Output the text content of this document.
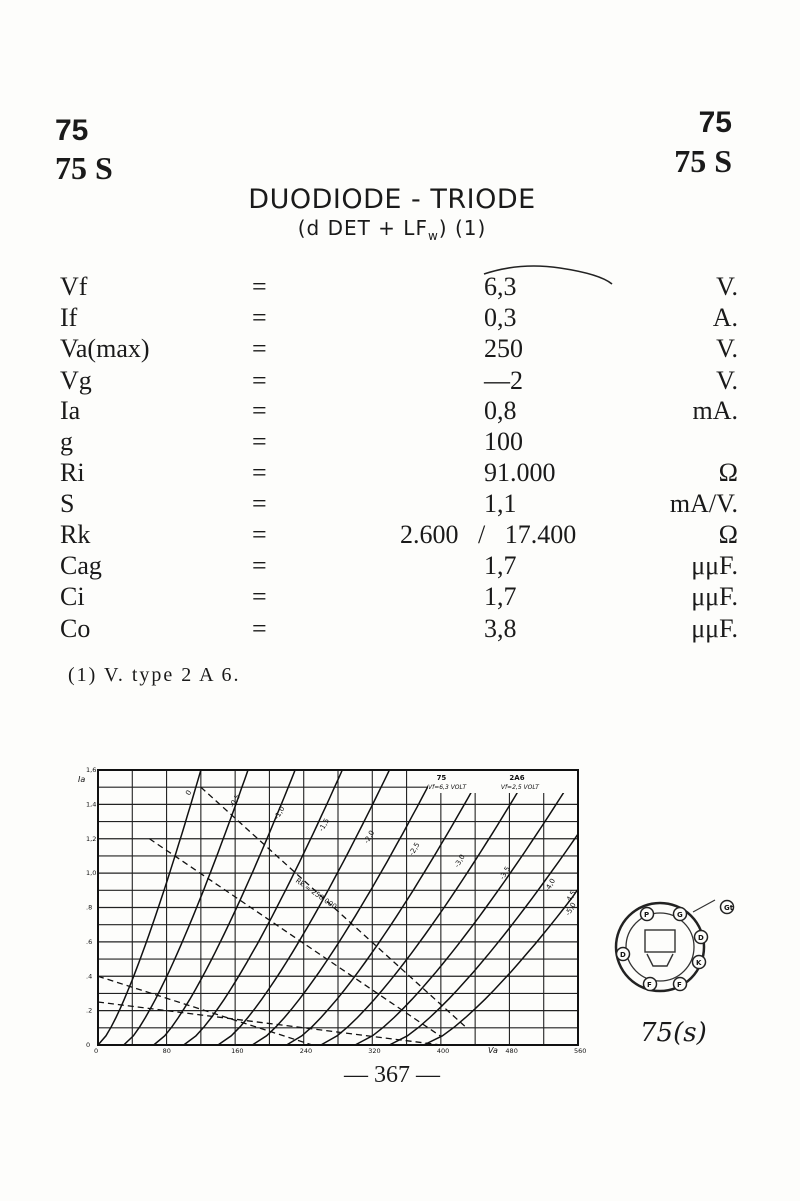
75
75 S
75
75 S
DUODIODE - TRIODE
(d DET + $LF_w$) (1)
Vf	=	6,3	V.
If	=	0,3	A.
Va(max)	=	250	V.
Vg	=	—2	V.
Ia	=	0,8	mA.
g	=	100
Ri	=	91.000	Ω
S	=	1,1	mA/V.
Rk	=	2.600   /   17.400	Ω
Cag	=	1,7	μμF.
Ci	=	1,7	μμF.
Co	=	3,8	μμF.
(1) V. type 2 A 6.
0
-0,5
-1,0
-1,5
-2,0
-2,5
-3,0
-3,5
-4,0
-4,5
-5,0
Rk = 250 000
0	80	160	240	320	400	480	560
0
.2
.4
.6
.8
1,0
1,2
1,4
1,6
Va
Ia	75
Vf=6,3 VOLT
2A6
Vf=2,5 VOLT
P	G
D
K
F
F
D
Gt
75(s)
— 367 —
